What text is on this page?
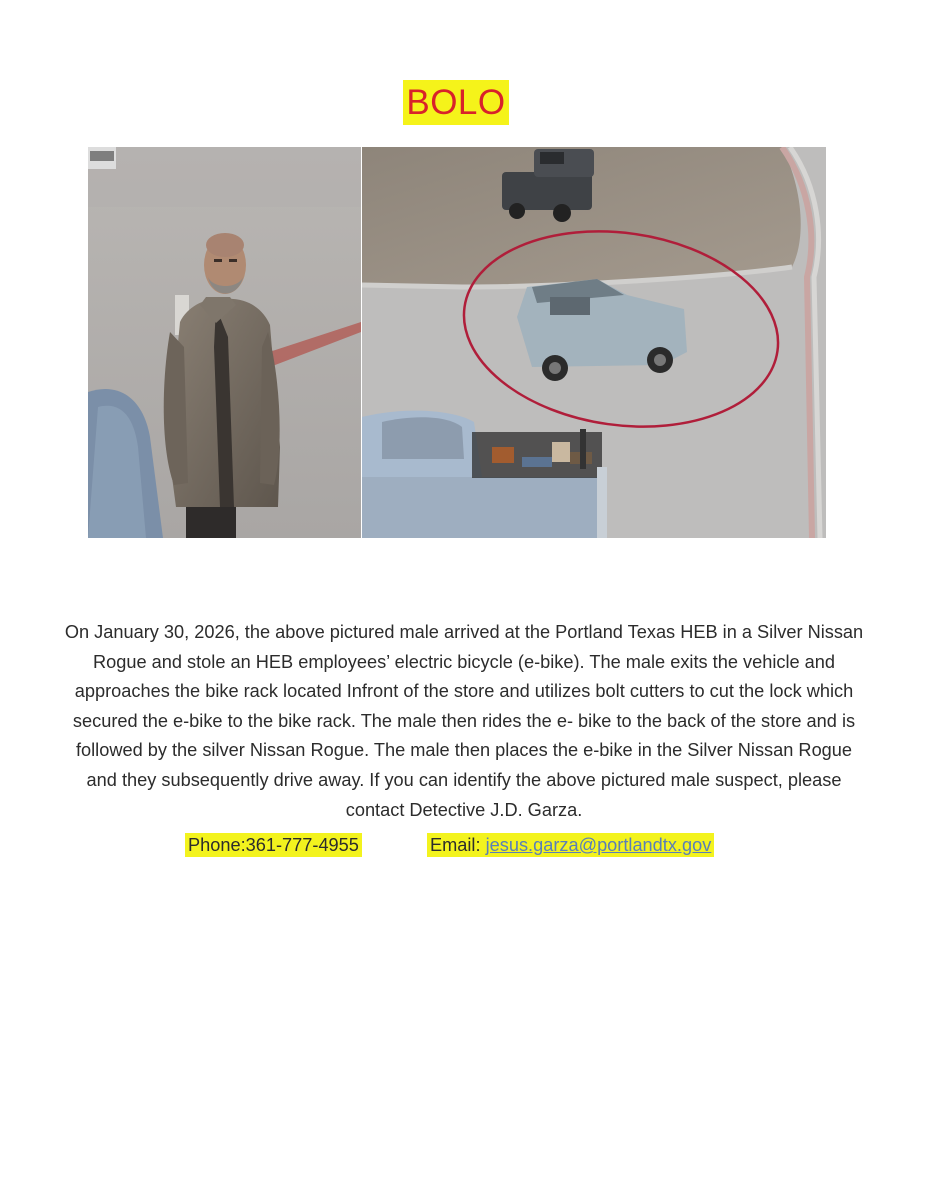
BOLO

On January 30, 2026, the above pictured male arrived at the Portland Texas HEB in a Silver Nissan Rogue and stole an HEB employees’ electric bicycle (e-bike). The male exits the vehicle and approaches the bike rack located Infront of the store and utilizes bolt cutters to cut the lock which secured the e-bike to the bike rack. The male then rides the e- bike to the back of the store and is followed by the silver Nissan Rogue. The male then places the e-bike in the Silver Nissan Rogue and they subsequently drive away. If you can identify the above pictured male suspect, please contact Detective J.D. Garza.

Phone:361-777-4955	Email: jesus.garza@portlandtx.gov
